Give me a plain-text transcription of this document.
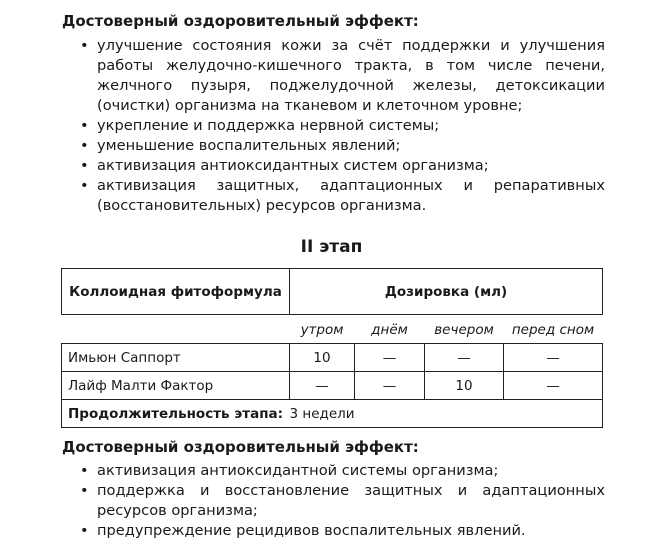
Достоверный оздоровительный эффект:
• улучшение состояния кожи за счёт поддержки и улучшения работы желудочно-кишечного тракта, в том числе печени, желчного пузыря, поджелудочной железы, детоксикации (очистки) организма на тканевом и клеточном уровне;
• укрепление и поддержка нервной системы;
• уменьшение воспалительных явлений;
• активизация антиоксидантных систем организма;
• активизация защитных, адаптационных и репаративных (восстановительных) ресурсов организма.
II этап
Коллоидная фитоформула	Дозировка (мл)			
	утром	днём	вечером	перед сном
Имьюн Саппорт	10	—	—	—
Лайф Малти Фактор	—	—	10	—
Продолжительность этапа:	3 недели			
Достоверный оздоровительный эффект:
• активизация антиоксидантной системы организма;
• поддержка и восстановление защитных и адаптационных ресурсов организма;
• предупреждение рецидивов воспалительных явлений.
